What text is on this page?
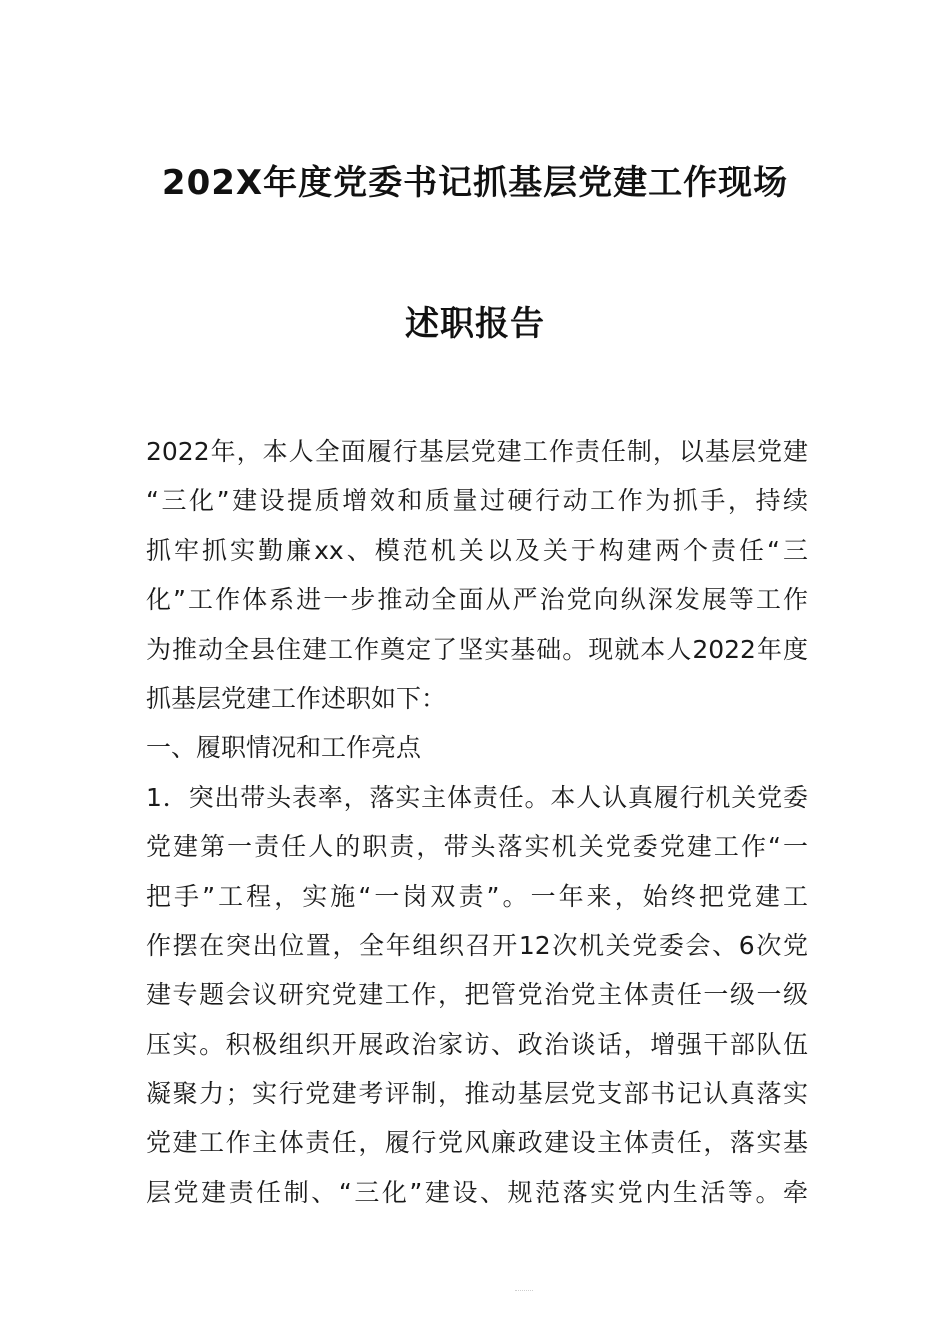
202X年度党委书记抓基层党建工作现场
述职报告
2022年，本人全面履行基层党建工作责任制，以基层党建
“三化”建设提质增效和质量过硬行动工作为抓手，持续
抓牢抓实勤廉xx、模范机关以及关于构建两个责任“三
化”工作体系进一步推动全面从严治党向纵深发展等工作
为推动全县住建工作奠定了坚实基础。现就本人2022年度
抓基层党建工作述职如下：
一、履职情况和工作亮点
1．突出带头表率，落实主体责任。本人认真履行机关党委
党建第一责任人的职责，带头落实机关党委党建工作“一
把手”工程，实施“一岗双责”。一年来，始终把党建工
作摆在突出位置，全年组织召开12次机关党委会、6次党
建专题会议研究党建工作，把管党治党主体责任一级一级
压实。积极组织开展政治家访、政治谈话，增强干部队伍
凝聚力；实行党建考评制，推动基层党支部书记认真落实
党建工作主体责任，履行党风廉政建设主体责任，落实基
层党建责任制、“三化”建设、规范落实党内生活等。牵
